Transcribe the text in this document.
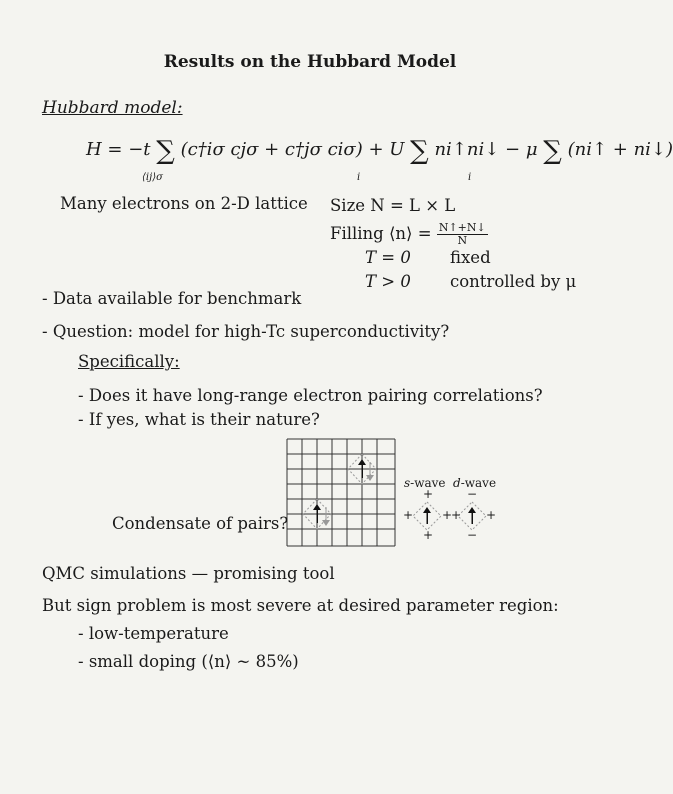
Results on the Hubbard Model
Hubbard model:
H = −t ∑ (c†iσ cjσ + c†jσ ciσ) + U ∑ ni↑ni↓ − μ ∑ (ni↑ + ni↓)
⟨ij⟩σ	i	i
Many electrons on 2-D lattice Size N = L × L
Filling ⟨n⟩ = $\frac{N↑+N↓}{N}$
T = 0 fixed
T > 0 controlled by μ
- Data available for benchmark
- Question: model for high-Tc superconductivity?
Specifically:
- Does it have long-range electron pairing correlations?
- If yes, what is their nature?
Condensate of pairs?
s-wave d-wave
+
+ +
+
−
+ +
−
QMC simulations — promising tool
But sign problem is most severe at desired parameter region:
- low-temperature
- small doping (⟨n⟩ ~ 85%)
